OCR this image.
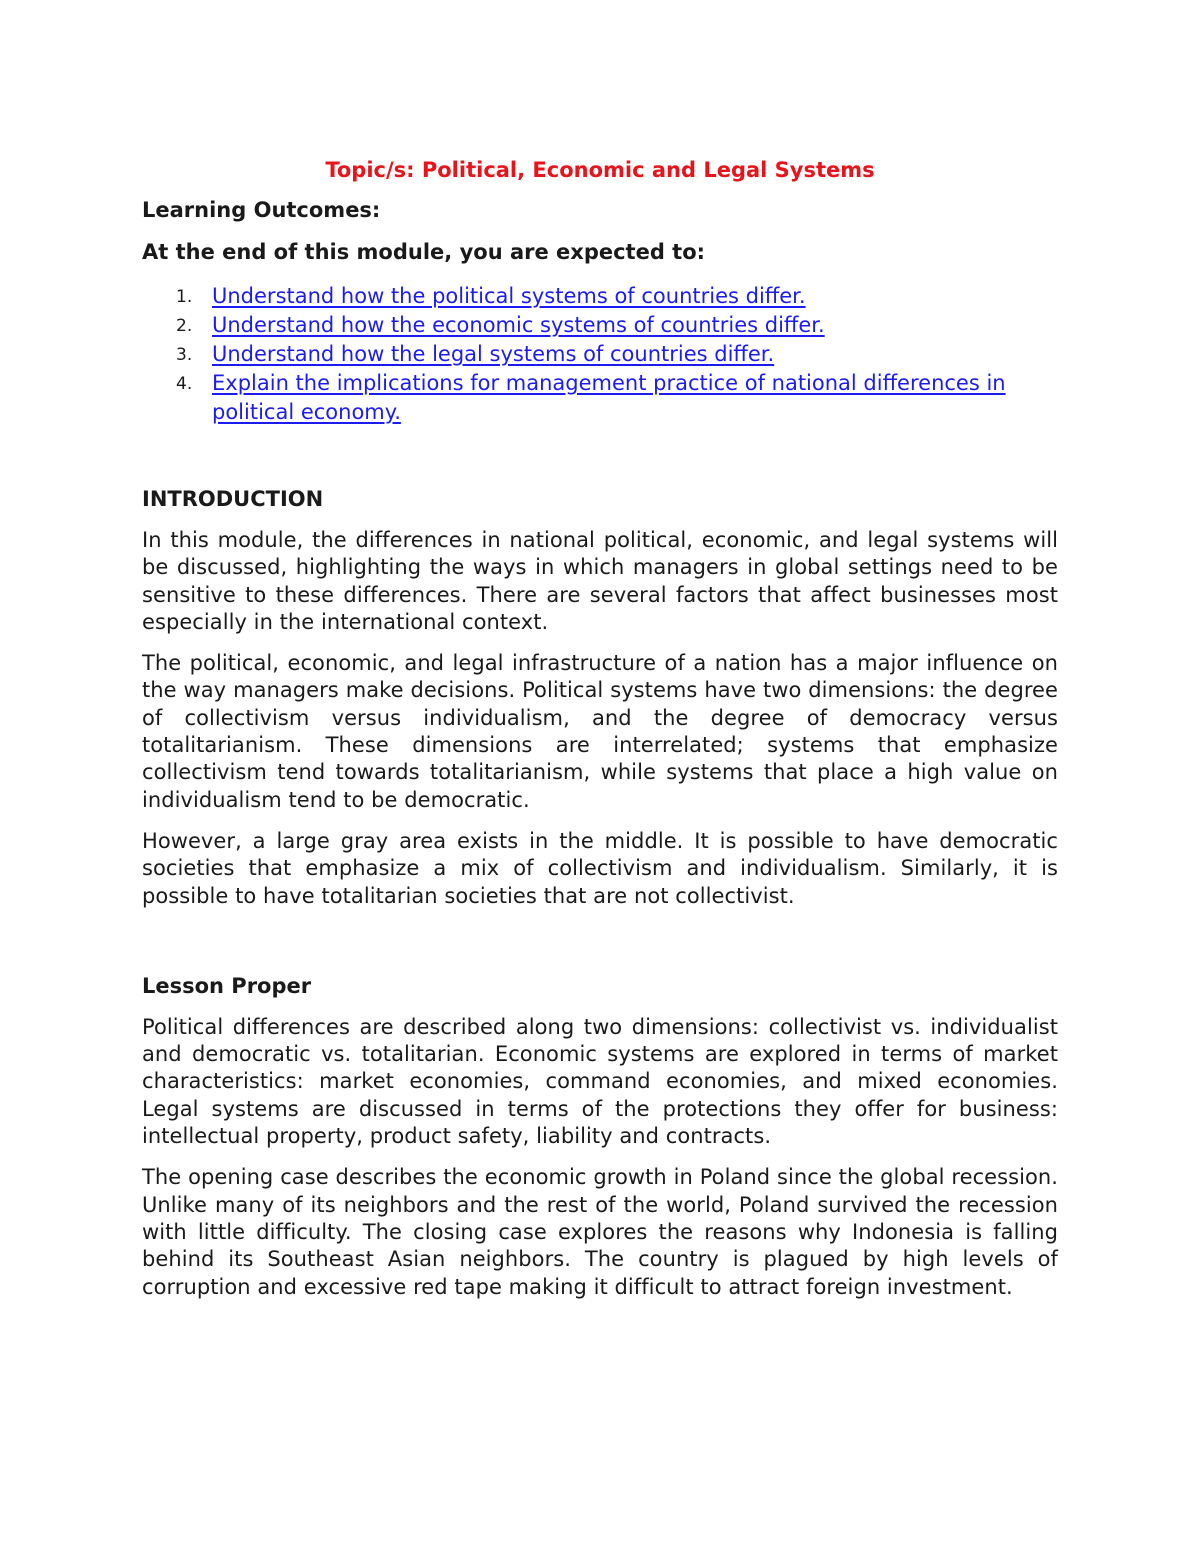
Topic/s: Political, Economic and Legal Systems

Learning Outcomes:

At the end of this module, you are expected to:

1. Understand how the political systems of countries differ.
2. Understand how the economic systems of countries differ.
3. Understand how the legal systems of countries differ.
4. Explain the implications for management practice of national differences in political economy.
INTRODUCTION

In this module, the differences in national political, economic, and legal systems will be discussed, highlighting the ways in which managers in global settings need to be sensitive to these differences. There are several factors that affect businesses most especially in the international context.

The political, economic, and legal infrastructure of a nation has a major influence on the way managers make decisions. Political systems have two dimensions: the degree of collectivism versus individualism, and the degree of democracy versus totalitarianism. These dimensions are interrelated; systems that emphasize collectivism tend towards totalitarianism, while systems that place a high value on individualism tend to be democratic.

However, a large gray area exists in the middle. It is possible to have democratic societies that emphasize a mix of collectivism and individualism. Similarly, it is possible to have totalitarian societies that are not collectivist.

Lesson Proper

Political differences are described along two dimensions: collectivist vs. individualist and democratic vs. totalitarian. Economic systems are explored in terms of market characteristics: market economies, command economies, and mixed economies. Legal systems are discussed in terms of the protections they offer for business: intellectual property, product safety, liability and contracts.

The opening case describes the economic growth in Poland since the global recession. Unlike many of its neighbors and the rest of the world, Poland survived the recession with little difficulty. The closing case explores the reasons why Indonesia is falling behind its Southeast Asian neighbors. The country is plagued by high levels of corruption and excessive red tape making it difficult to attract foreign investment.
